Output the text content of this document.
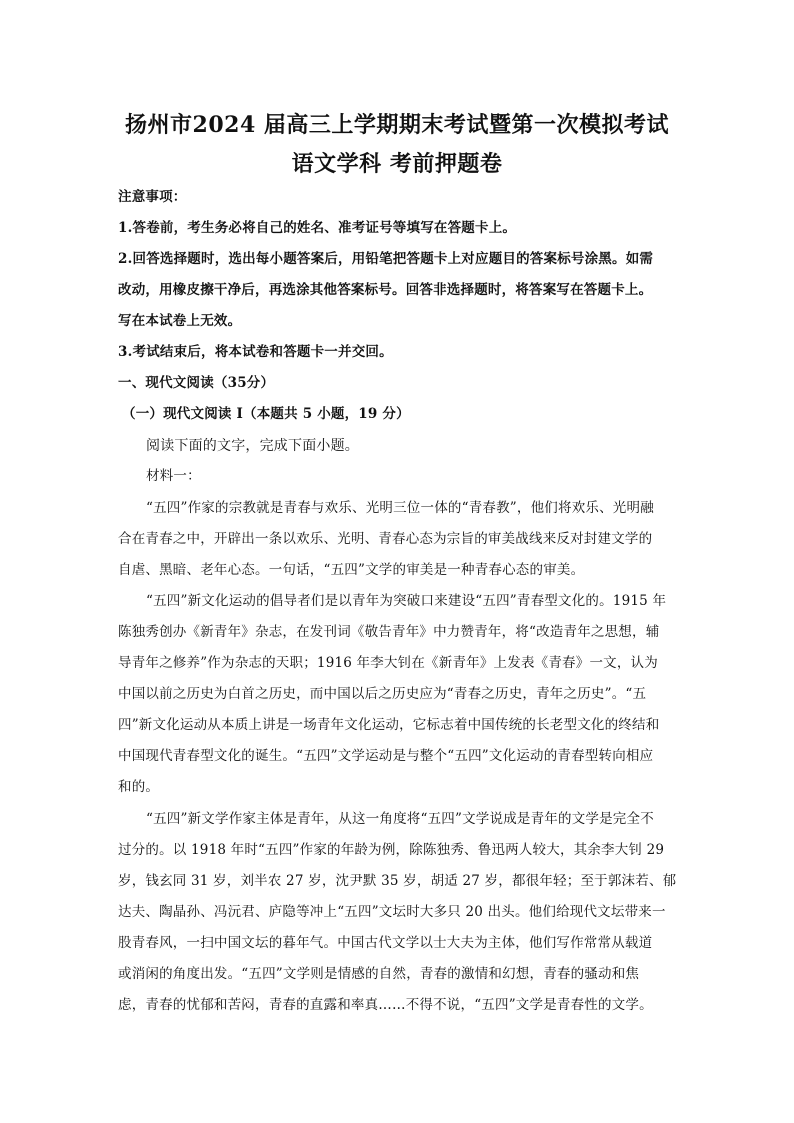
扬州市2024 届高三上学期期末考试暨第一次模拟考试
语文学科 考前押题卷
注意事项：
1.答卷前，考生务必将自己的姓名、准考证号等填写在答题卡上。
2.回答选择题时，选出每小题答案后，用铅笔把答题卡上对应题目的答案标号涂黑。如需
改动，用橡皮擦干净后，再选涂其他答案标号。回答非选择题时，将答案写在答题卡上。
写在本试卷上无效。
3.考试结束后，将本试卷和答题卡一并交回。
一、现代文阅读（35分）
（一）现代文阅读 I（本题共 5 小题，19 分）
阅读下面的文字，完成下面小题。
材料一：
“五四”作家的宗教就是青春与欢乐、光明三位一体的“青春教”，他们将欢乐、光明融
合在青春之中，开辟出一条以欢乐、光明、青春心态为宗旨的审美战线来反对封建文学的
自虐、黑暗、老年心态。一句话，“五四”文学的审美是一种青春心态的审美。
“五四”新文化运动的倡导者们是以青年为突破口来建设“五四”青春型文化的。1915 年
陈独秀创办《新青年》杂志，在发刊词《敬告青年》中力赞青年，将“改造青年之思想，辅
导青年之修养”作为杂志的天职；1916 年李大钊在《新青年》上发表《青春》一文，认为
中国以前之历史为白首之历史，而中国以后之历史应为“青春之历史，青年之历史”。“五
四”新文化运动从本质上讲是一场青年文化运动，它标志着中国传统的长老型文化的终结和
中国现代青春型文化的诞生。“五四”文学运动是与整个“五四”文化运动的青春型转向相应
和的。
“五四”新文学作家主体是青年，从这一角度将“五四”文学说成是青年的文学是完全不
过分的。以 1918 年时“五四”作家的年龄为例，除陈独秀、鲁迅两人较大，其余李大钊 29
岁，钱玄同 31 岁，刘半农 27 岁，沈尹默 35 岁，胡适 27 岁，都很年轻；至于郭沫若、郁
达夫、陶晶孙、冯沅君、庐隐等冲上“五四”文坛时大多只 20 出头。他们给现代文坛带来一
股青春风，一扫中国文坛的暮年气。中国古代文学以士大夫为主体，他们写作常常从载道
或消闲的角度出发。“五四”文学则是情感的自然，青春的激情和幻想，青春的骚动和焦
虑，青春的忧郁和苦闷，青春的直露和率真……不得不说，“五四”文学是青春性的文学。
